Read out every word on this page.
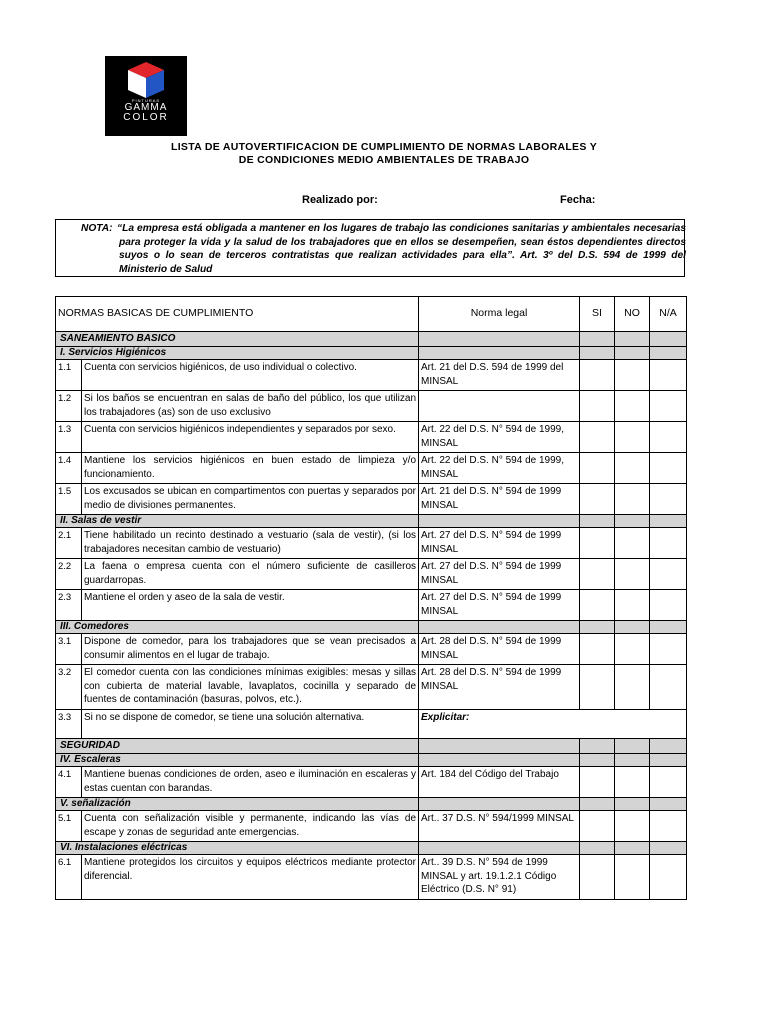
PINTURAS
GAMMA
COLOR
LISTA DE AUTOVERTIFICACION DE CUMPLIMIENTO DE NORMAS LABORALES Y
DE CONDICIONES MEDIO AMBIENTALES DE TRABAJO
Realizado por:	Fecha:
NOTA: “La empresa está obligada a mantener en los lugares de trabajo las condiciones sanitarias y ambientales necesarias para proteger la vida y la salud de los trabajadores que en ellos se desempeñen, sean éstos dependientes directos suyos o lo sean de terceros contratistas que realizan actividades para ella”. Art. 3º del D.S. 594 de 1999 del Ministerio de Salud
NORMAS BASICAS DE CUMPLIMIENTO		Norma legal	SI	NO	N/A
SANEAMIENTO BASICO					
I. Servicios Higiénicos					
1.1	Cuenta con servicios higiénicos, de uso individual o colectivo.	Art. 21 del D.S. 594 de 1999 del MINSAL			
1.2	Si los baños se encuentran en salas de baño del público, los que utilizan los trabajadores (as) son de uso exclusivo				
1.3	Cuenta con servicios higiénicos independientes y separados por sexo.	Art. 22 del D.S. N° 594 de 1999, MINSAL			
1.4	Mantiene los servicios higiénicos en buen estado de limpieza y/o funcionamiento.	Art. 22 del D.S. N° 594 de 1999, MINSAL			
1.5	Los excusados se ubican en compartimentos con puertas y separados por medio de divisiones permanentes.	Art. 21 del D.S. N° 594 de 1999 MINSAL			
II. Salas de vestir					
2.1	Tiene habilitado un recinto destinado a vestuario (sala de vestir), (si los trabajadores necesitan cambio de vestuario)	Art. 27 del D.S. N° 594 de 1999 MINSAL			
2.2	La faena o empresa cuenta con el número suficiente de casilleros guardarropas.	Art. 27 del D.S. N° 594 de 1999 MINSAL			
2.3	Mantiene el orden y aseo de la sala de vestir.	Art. 27 del D.S. N° 594 de 1999 MINSAL			
III. Comedores					
3.1	Dispone de comedor, para los trabajadores que se vean precisados a consumir alimentos en el lugar de trabajo.	Art. 28 del D.S. N° 594 de 1999 MINSAL			
3.2	El comedor cuenta con las condiciones mínimas exigibles: mesas y sillas con cubierta de material lavable, lavaplatos, cocinilla y separado de fuentes de contaminación (basuras, polvos, etc.).	Art. 28 del D.S. N° 594 de 1999 MINSAL			
3.3	Si no se dispone de comedor, se tiene una solución alternativa.	Explicitar:			
SEGURIDAD					
IV. Escaleras					
4.1	Mantiene buenas condiciones de orden, aseo e iluminación en escaleras y estas cuentan con barandas.	Art. 184 del Código del Trabajo			
V. señalización					
5.1	Cuenta con señalización visible y permanente, indicando las vías de escape y zonas de seguridad ante emergencias.	Art.. 37 D.S. N° 594/1999 MINSAL			
VI. Instalaciones eléctricas					
6.1	Mantiene protegidos los circuitos y equipos eléctricos mediante protector diferencial.	Art.. 39 D.S. N° 594 de 1999 MINSAL y art. 19.1.2.1 Código Eléctrico (D.S. N° 91)			
